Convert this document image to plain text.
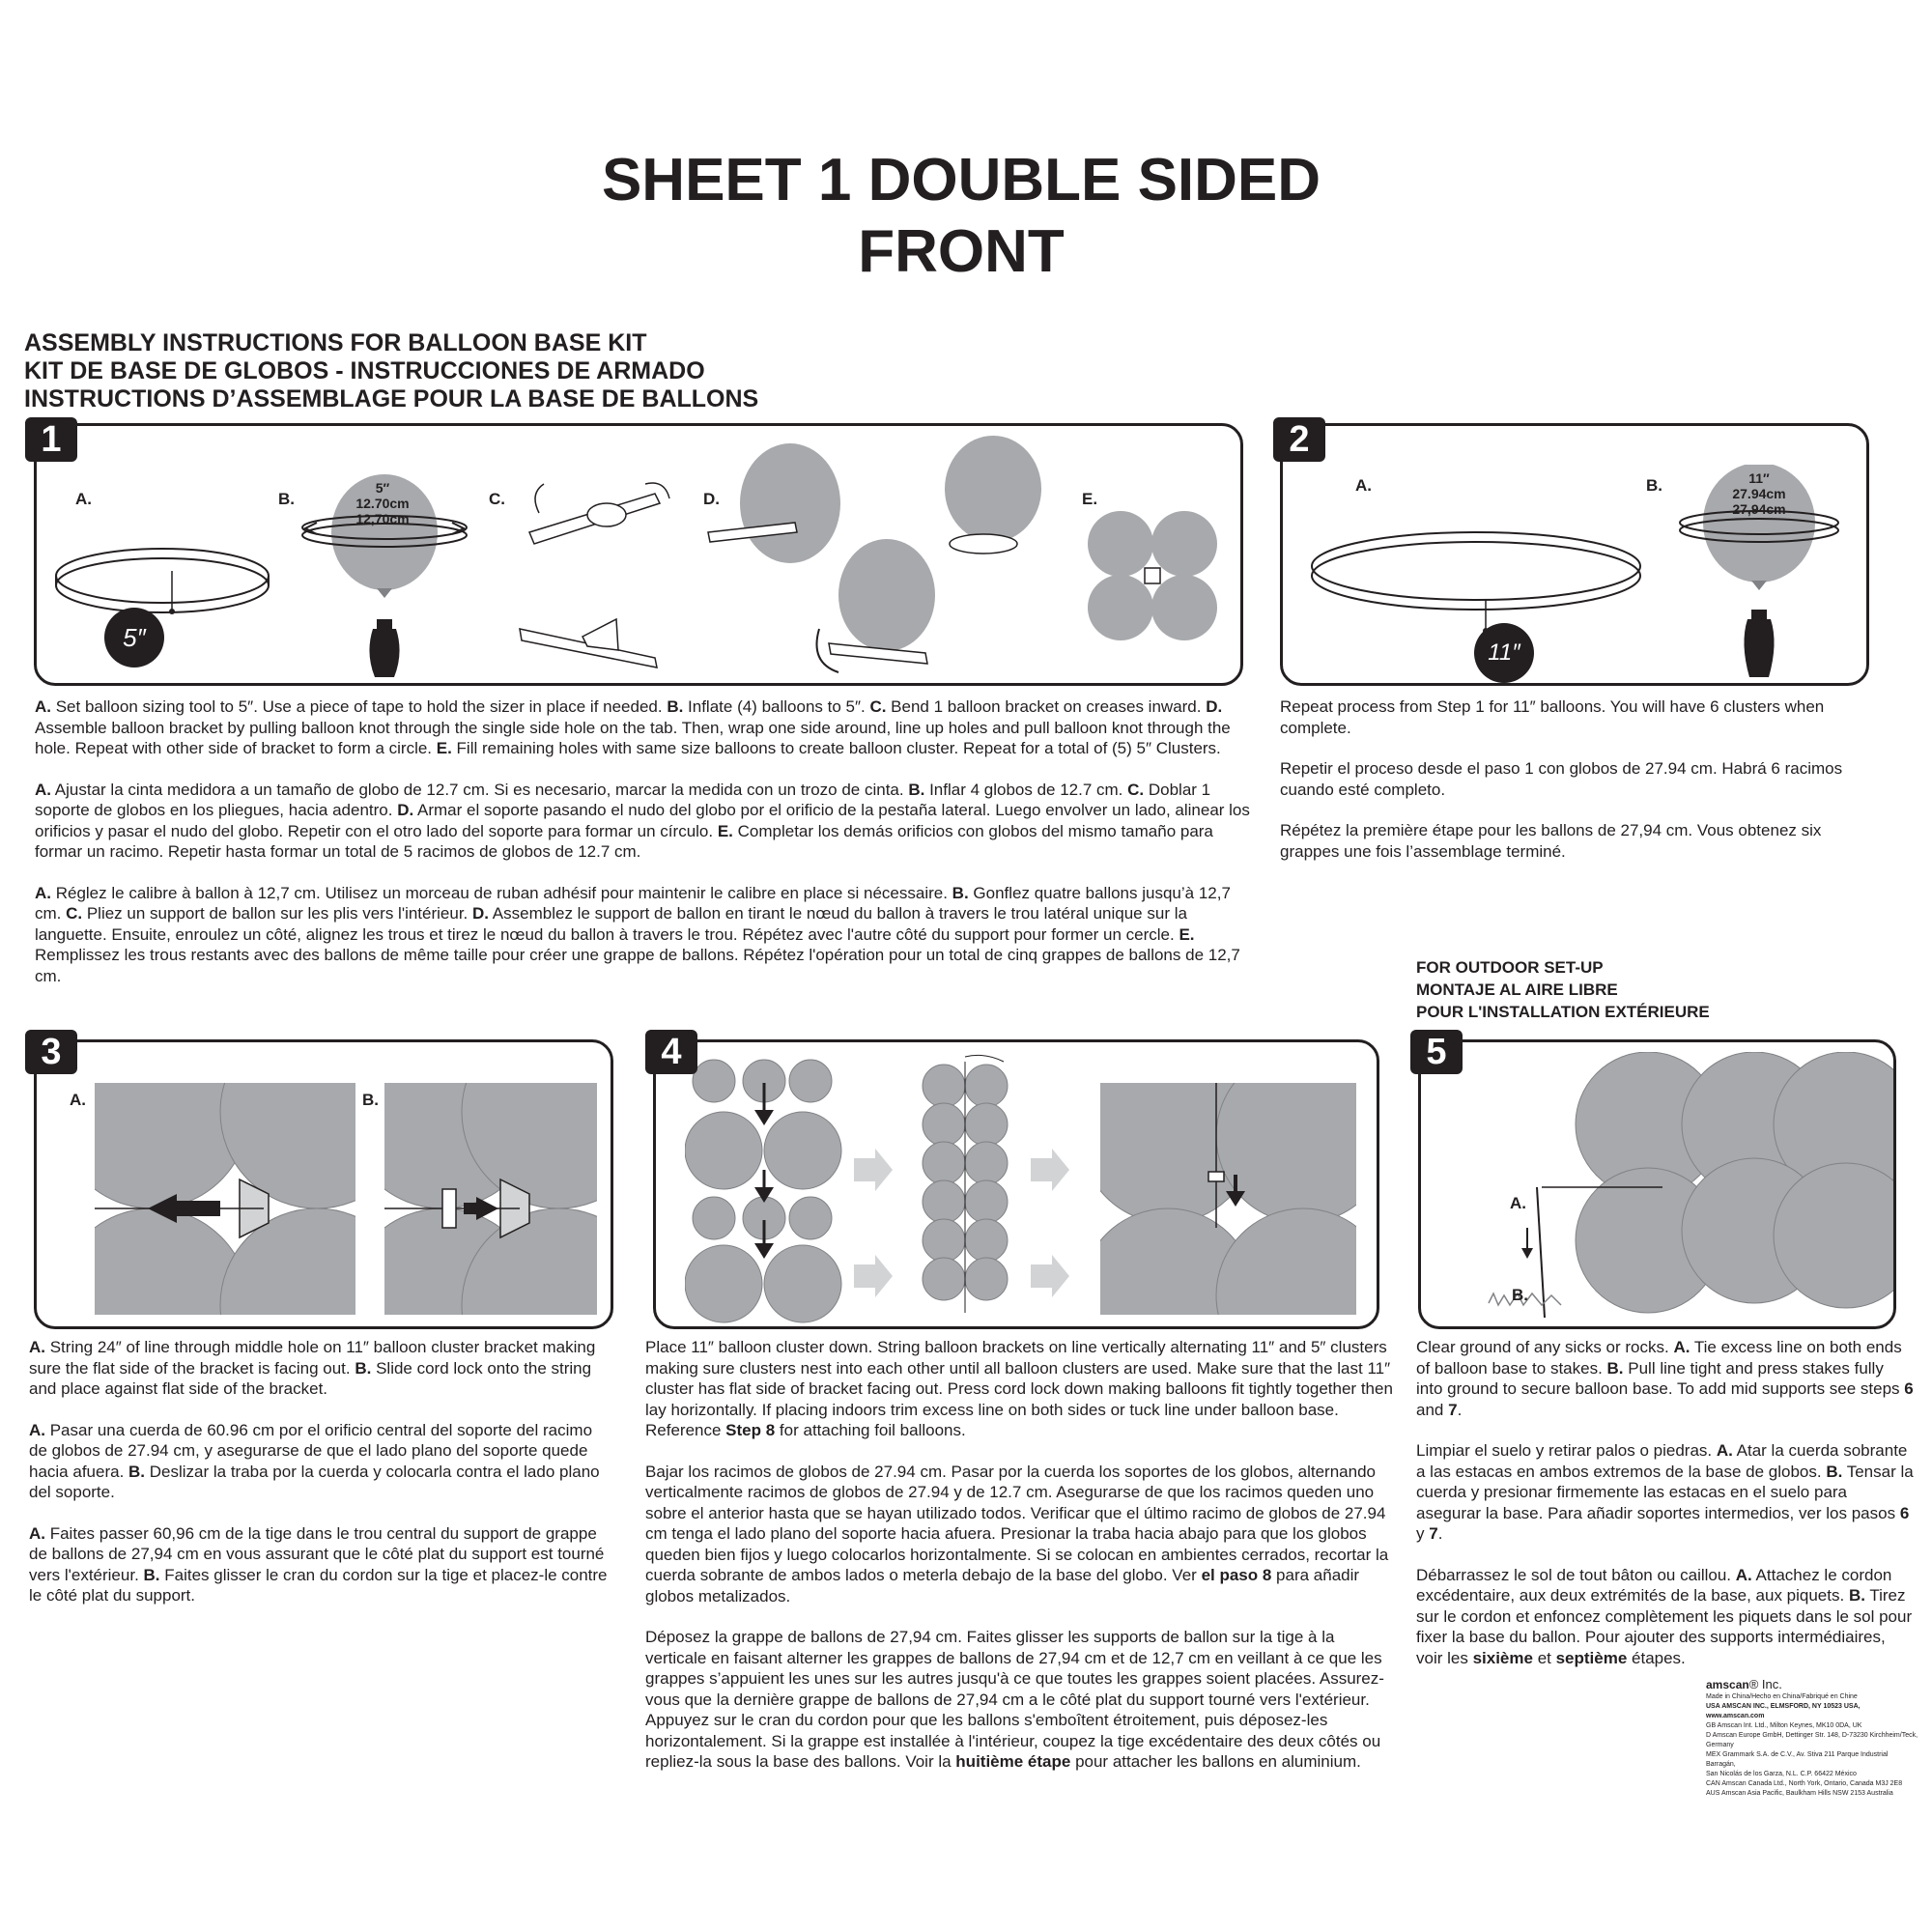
SHEET 1 DOUBLE SIDED
FRONT
ASSEMBLY INSTRUCTIONS FOR BALLOON BASE KIT
KIT DE BASE DE GLOBOS - INSTRUCCIONES DE ARMADO
INSTRUCTIONS D’ASSEMBLAGE POUR LA BASE DE BALLONS
A.	B.	C.	D.	E.
5″
5″
12.70cm
12,70cm
1
A.	B.
11″
11″
27.94cm
27,94cm
2

A. Set balloon sizing tool to 5″. Use a piece of tape to hold the sizer in place if needed. B. Inflate (4) balloons to 5″. C. Bend 1 balloon bracket on creases inward. D. Assemble balloon bracket by pulling balloon knot through the single side hole on the tab. Then, wrap one side around, line up holes and pull balloon knot through the hole. Repeat with other side of bracket to form a circle. E. Fill remaining holes with same size balloons to create balloon cluster. Repeat for a total of (5) 5″ Clusters.

A. Ajustar la cinta medidora a un tamaño de globo de 12.7 cm. Si es necesario, marcar la medida con un trozo de cinta. B. Inflar 4 globos de 12.7 cm. C. Doblar 1 soporte de globos en los pliegues, hacia adentro. D. Armar el soporte pasando el nudo del globo por el orificio de la pestaña lateral. Luego envolver un lado, alinear los orificios y pasar el nudo del globo. Repetir con el otro lado del soporte para formar un círculo. E. Completar los demás orificios con globos del mismo tamaño para formar un racimo. Repetir hasta formar un total de 5 racimos de globos de 12.7 cm.

A. Réglez le calibre à ballon à 12,7 cm. Utilisez un morceau de ruban adhésif pour maintenir le calibre en place si nécessaire. B. Gonflez quatre ballons jusqu’à 12,7 cm. C. Pliez un support de ballon sur les plis vers l'intérieur. D. Assemblez le support de ballon en tirant le nœud du ballon à travers le trou latéral unique sur la languette. Ensuite, enroulez un côté, alignez les trous et tirez le nœud du ballon à travers le trou. Répétez avec l'autre côté du support pour former un cercle. E. Remplissez les trous restants avec des ballons de même taille pour créer une grappe de ballons. Répétez l'opération pour un total de cinq grappes de ballons de 12,7 cm.

Repeat process from Step 1 for 11″ balloons. You will have 6 clusters when complete.

Repetir el proceso desde el paso 1 con globos de 27.94 cm. Habrá 6 racimos cuando esté completo.

Répétez la première étape pour les ballons de 27,94 cm. Vous obtenez six grappes une fois l’assemblage terminé.

FOR OUTDOOR SET-UP
MONTAJE AL AIRE LIBRE
POUR L'INSTALLATION EXTÉRIEURE
A.	B.
3	4
A.
B.
5

A. String 24″ of line through middle hole on 11″ balloon cluster bracket making sure the flat side of the bracket is facing out. B. Slide cord lock onto the string and place against flat side of the bracket.

A. Pasar una cuerda de 60.96 cm por el orificio central del soporte del racimo de globos de 27.94 cm, y asegurarse de que el lado plano del soporte quede hacia afuera. B. Deslizar la traba por la cuerda y colocarla contra el lado plano del soporte.

A. Faites passer 60,96 cm de la tige dans le trou central du support de grappe de ballons de 27,94 cm en vous assurant que le côté plat du support est tourné vers l'extérieur. B. Faites glisser le cran du cordon sur la tige et placez-le contre le côté plat du support.

Place 11″ balloon cluster down. String balloon brackets on line vertically alternating 11″ and 5″ clusters making sure clusters nest into each other until all balloon clusters are used. Make sure that the last 11″ cluster has flat side of bracket facing out. Press cord lock down making balloons fit tightly together then lay horizontally. If placing indoors trim excess line on both sides or tuck line under balloon base. Reference Step 8 for attaching foil balloons.

Bajar los racimos de globos de 27.94 cm. Pasar por la cuerda los soportes de los globos, alternando verticalmente racimos de globos de 27.94 y de 12.7 cm. Asegurarse de que los racimos queden uno sobre el anterior hasta que se hayan utilizado todos. Verificar que el último racimo de globos de 27.94 cm tenga el lado plano del soporte hacia afuera. Presionar la traba hacia abajo para que los globos queden bien fijos y luego colocarlos horizontalmente. Si se colocan en ambientes cerrados, recortar la cuerda sobrante de ambos lados o meterla debajo de la base del globo. Ver el paso 8 para añadir globos metalizados.

Déposez la grappe de ballons de 27,94 cm. Faites glisser les supports de ballon sur la tige à la verticale en faisant alterner les grappes de ballons de 27,94 cm et de 12,7 cm en veillant à ce que les grappes s’appuient les unes sur les autres jusqu'à ce que toutes les grappes soient placées. Assurez-vous que la dernière grappe de ballons de 27,94 cm a le côté plat du support tourné vers l'extérieur. Appuyez sur le cran du cordon pour que les ballons s'emboîtent étroitement, puis déposez-les horizontalement. Si la grappe est installée à l'intérieur, coupez la tige excédentaire des deux côtés ou repliez-la sous la base des ballons. Voir la huitième étape pour attacher les ballons en aluminium.

Clear ground of any sicks or rocks. A. Tie excess line on both ends of balloon base to stakes. B. Pull line tight and press stakes fully into ground to secure balloon base. To add mid supports see steps 6 and 7.

Limpiar el suelo y retirar palos o piedras. A. Atar la cuerda sobrante a las estacas en ambos extremos de la base de globos. B. Tensar la cuerda y presionar firmemente las estacas en el suelo para asegurar la base. Para añadir soportes intermedios, ver los pasos 6 y 7.

Débarrassez le sol de tout bâton ou caillou. A. Attachez le cordon excédentaire, aux deux extrémités de la base, aux piquets. B. Tirez sur le cordon et enfoncez complètement les piquets dans le sol pour fixer la base du ballon. Pour ajouter des supports intermédiaires, voir les sixième et septième étapes.

amscan® Inc.
Made in China/Hecho en China/Fabriqué en Chine
USA AMSCAN INC., ELMSFORD, NY 10523 USA, www.amscan.com
GB Amscan Int. Ltd., Milton Keynes, MK10 0DA, UK
D Amscan Europe GmbH, Dettinger Str. 148, D-73230 Kirchheim/Teck, Germany
MEX Grammark S.A. de C.V., Av. Stiva 211 Parque Industrial Barragán,
San Nicolás de los Garza, N.L. C.P. 66422 México
CAN Amscan Canada Ltd., North York, Ontario, Canada M3J 2E8
AUS Amscan Asia Pacific, Baulkham Hills NSW 2153 Australia
